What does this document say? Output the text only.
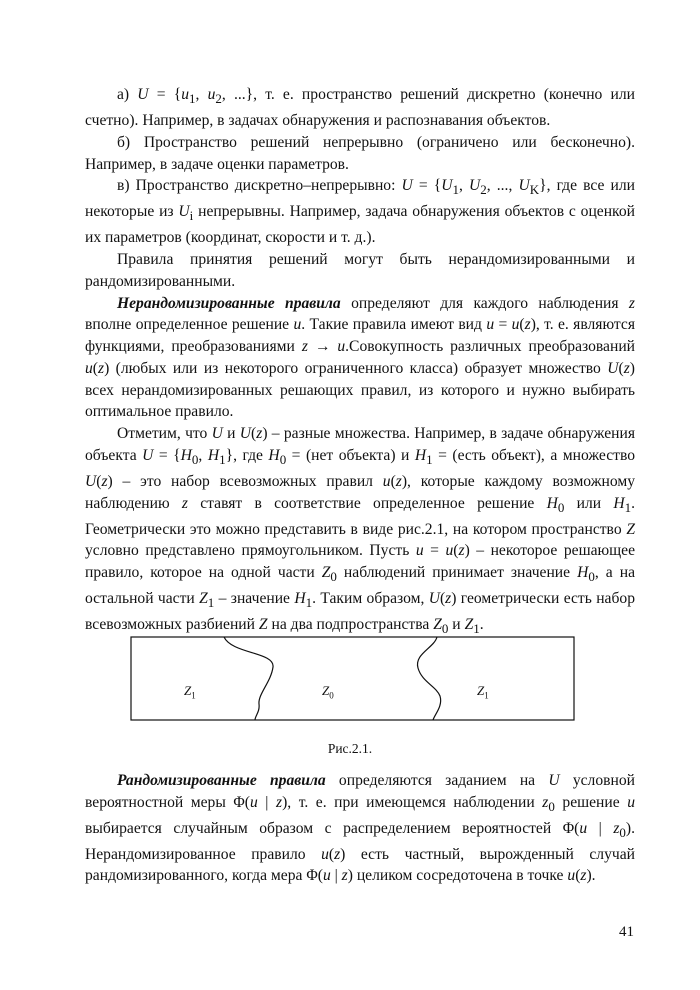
а) $U = \{u_1$, $u_2$, ...}, т. е. пространство решений дискретно (конечно или счетно). Например, в задачах обнаружения и распознавания объектов.

б) Пространство решений непрерывно (ограничено или бесконечно). Например, в задаче оценки параметров.

в) Пространство дискретно–непрерывно: $U = \{U_1$, $U_2$, ..., $U_K$}, где все или некоторые из $U_i$ непрерывны. Например, задача обнаружения объектов с оценкой их параметров (координат, скорости и т. д.).

Правила принятия решений могут быть нерандомизированными и рандомизированными.

Нерандомизированные правила определяют для каждого наблюдения z вполне определенное решение u. Такие правила имеют вид u = u(z), т. е. являются функциями, преобразованиями z → u.Совокупность различных преобразований u(z) (любых или из некоторого ограниченного класса) образует множество U(z) всех нерандомизированных решающих правил, из которого и нужно выбирать оптимальное правило.

Отметим, что U и U(z) – разные множества. Например, в задаче обнаружения объекта $U = \{H_0$, $H_1$}, где $H_0 = (нет$ объекта) и $H_1$ = (есть объект), а множество U(z) – это набор всевозможных правил u(z), которые каждому возможному наблюдению z ставят в соответствие определенное решение $H_0$ или $H_1$. Геометрически это можно представить в виде рис.2.1, на котором пространство Z условно представлено прямоугольником. Пусть u = u(z) – некоторое решающее правило, которое на одной части $Z_0$ наблюдений принимает значение $H_0$, а на остальной части $Z_1$ – значение $H_1$. Таким образом, U(z) геометрически есть набор всевозможных разбиений Z на два подпространства $Z_0$ и $Z_1$.

$Z_1$	$Z_0$	$Z_1$
Рис.2.1.

Рандомизированные правила определяются заданием на U условной вероятностной меры Φ(u | z), т. е. при имеющемся наблюдении $z_0$ решение u выбирается случайным образом с распределением вероятностей Φ(u | $z_0$). Нерандомизированное правило u(z) есть частный, вырожденный случай рандомизированного, когда мера Φ(u | z) целиком сосредоточена в точке u(z).

41
